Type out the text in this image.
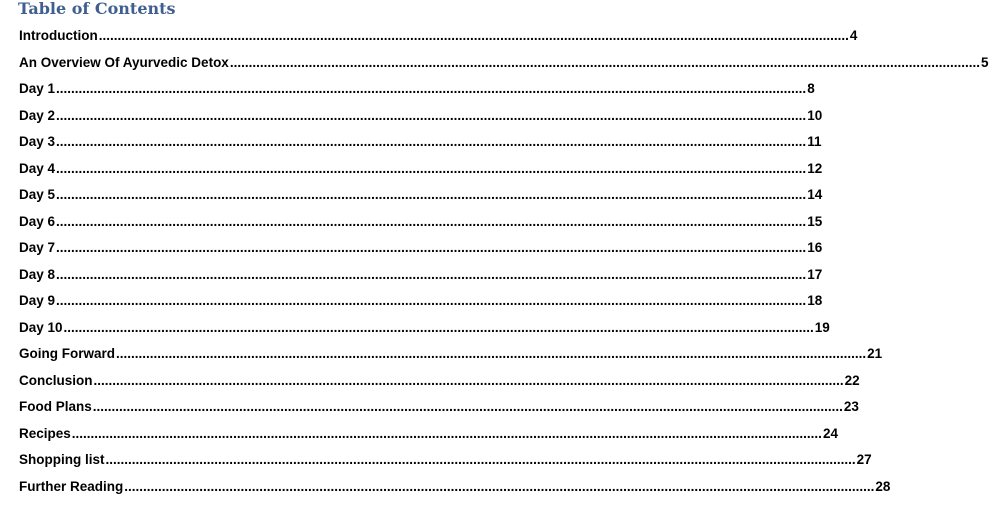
Table of Contents
Introduction ........................................................................................................................................................................................................ 4
An Overview Of Ayurvedic Detox ........................................................................................................................................................................................................ 5
Day 1 ........................................................................................................................................................................................................ 8
Day 2 ........................................................................................................................................................................................................ 10
Day 3 ........................................................................................................................................................................................................ 11
Day 4 ........................................................................................................................................................................................................ 12
Day 5 ........................................................................................................................................................................................................ 14
Day 6 ........................................................................................................................................................................................................ 15
Day 7 ........................................................................................................................................................................................................ 16
Day 8 ........................................................................................................................................................................................................ 17
Day 9 ........................................................................................................................................................................................................ 18
Day 10 ........................................................................................................................................................................................................ 19
Going Forward ........................................................................................................................................................................................................ 21
Conclusion ........................................................................................................................................................................................................ 22
Food Plans ........................................................................................................................................................................................................ 23
Recipes ........................................................................................................................................................................................................ 24
Shopping list ........................................................................................................................................................................................................ 27
Further Reading ........................................................................................................................................................................................................ 28
